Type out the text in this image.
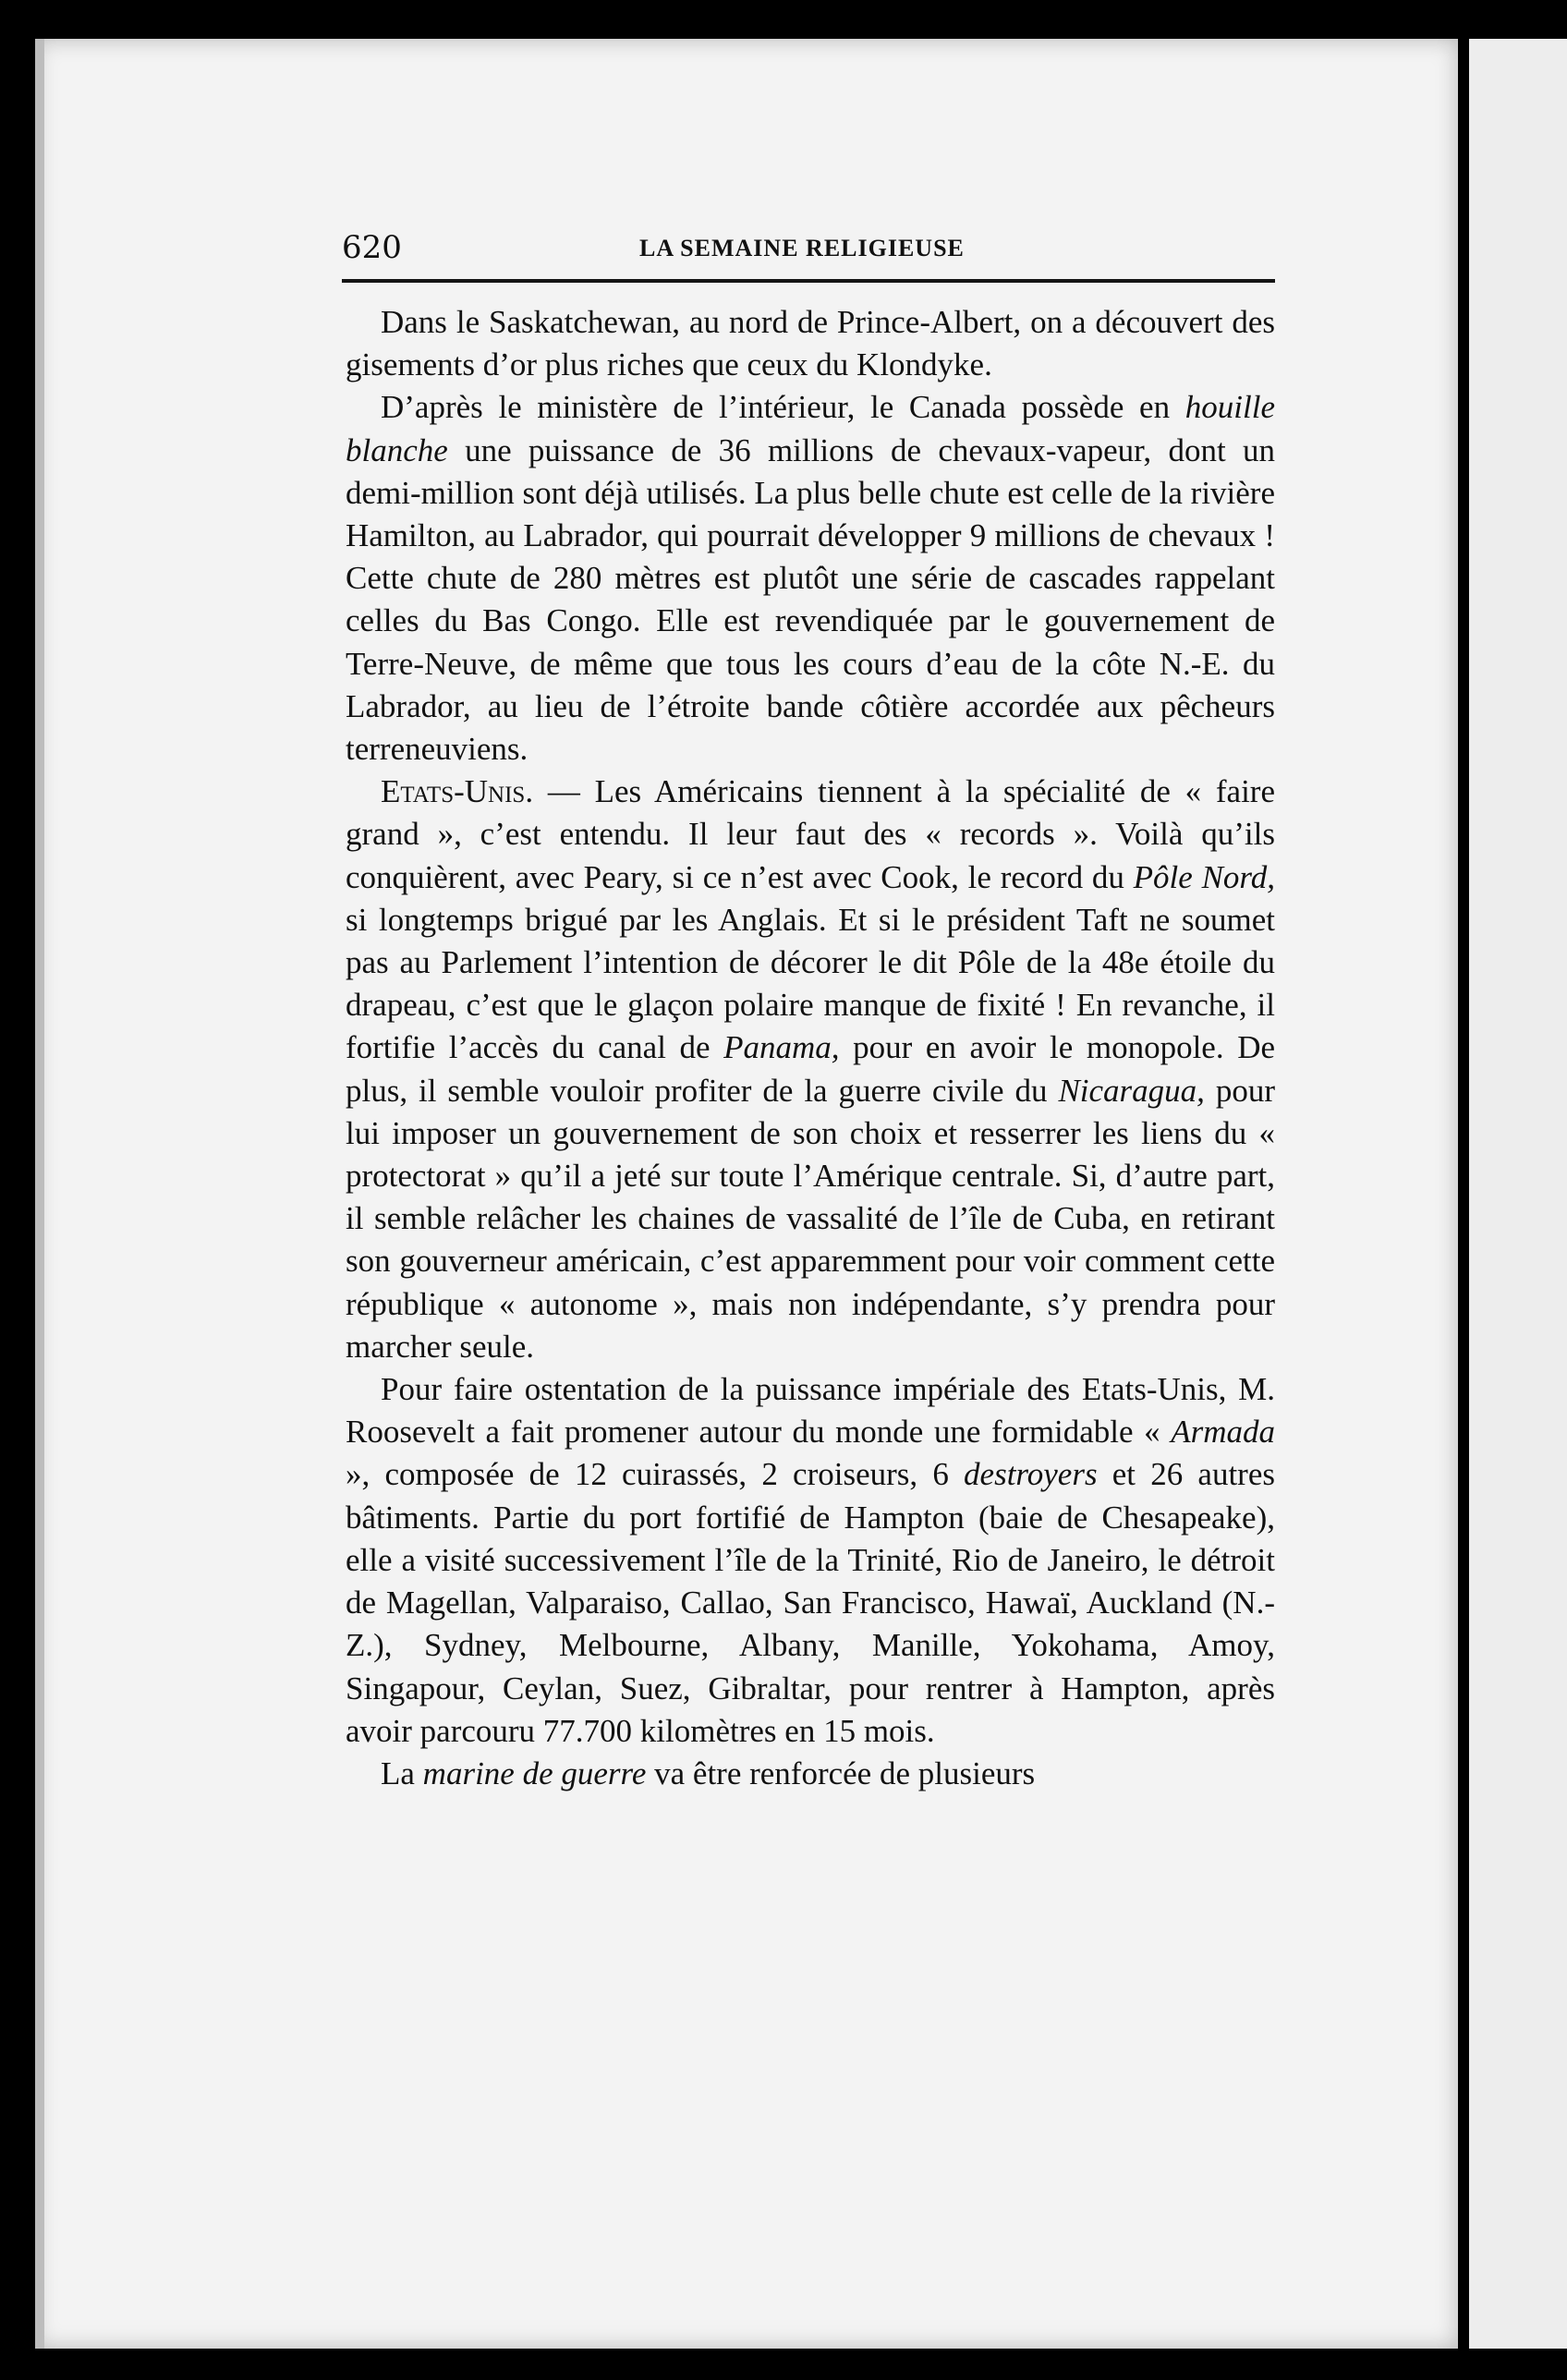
620	LA SEMAINE RELIGIEUSE

Dans le Saskatchewan, au nord de Prince-Albert, on a découvert des gisements d’or plus riches que ceux du Klondyke.

D’après le ministère de l’intérieur, le Canada possède en houille blanche une puissance de 36 millions de chevaux-vapeur, dont un demi-million sont déjà utilisés. La plus belle chute est celle de la rivière Hamilton, au Labrador, qui pourrait développer 9 millions de chevaux ! Cette chute de 280 mètres est plutôt une série de cascades rappelant celles du Bas Congo. Elle est revendiquée par le gouvernement de Terre-Neuve, de même que tous les cours d’eau de la côte N.-E. du Labrador, au lieu de l’étroite bande côtière accordée aux pêcheurs terreneuviens.

Etats-Unis. — Les Américains tiennent à la spécialité de « faire grand », c’est entendu. Il leur faut des « records ». Voilà qu’ils conquièrent, avec Peary, si ce n’est avec Cook, le record du Pôle Nord, si longtemps brigué par les Anglais. Et si le président Taft ne soumet pas au Parlement l’intention de décorer le dit Pôle de la 48e étoile du drapeau, c’est que le glaçon polaire manque de fixité ! En revanche, il fortifie l’accès du canal de Panama, pour en avoir le monopole. De plus, il semble vouloir profiter de la guerre civile du Nicaragua, pour lui imposer un gouvernement de son choix et resserrer les liens du « protectorat » qu’il a jeté sur toute l’Amérique centrale. Si, d’autre part, il semble relâcher les chaines de vassalité de l’île de Cuba, en retirant son gouverneur américain, c’est apparemment pour voir comment cette république « autonome », mais non indépendante, s’y prendra pour marcher seule.

Pour faire ostentation de la puissance impériale des Etats-Unis, M. Roosevelt a fait promener autour du monde une formidable « Armada », composée de 12 cuirassés, 2 croiseurs, 6 destroyers et 26 autres bâtiments. Partie du port fortifié de Hampton (baie de Chesapeake), elle a visité successivement l’île de la Trinité, Rio de Janeiro, le détroit de Magellan, Valparaiso, Callao, San Francisco, Hawaï, Auckland (N.-Z.), Sydney, Melbourne, Albany, Manille, Yokohama, Amoy, Singapour, Ceylan, Suez, Gibraltar, pour rentrer à Hampton, après avoir parcouru 77.700 kilomètres en 15 mois.

La marine de guerre va être renforcée de plusieurs
